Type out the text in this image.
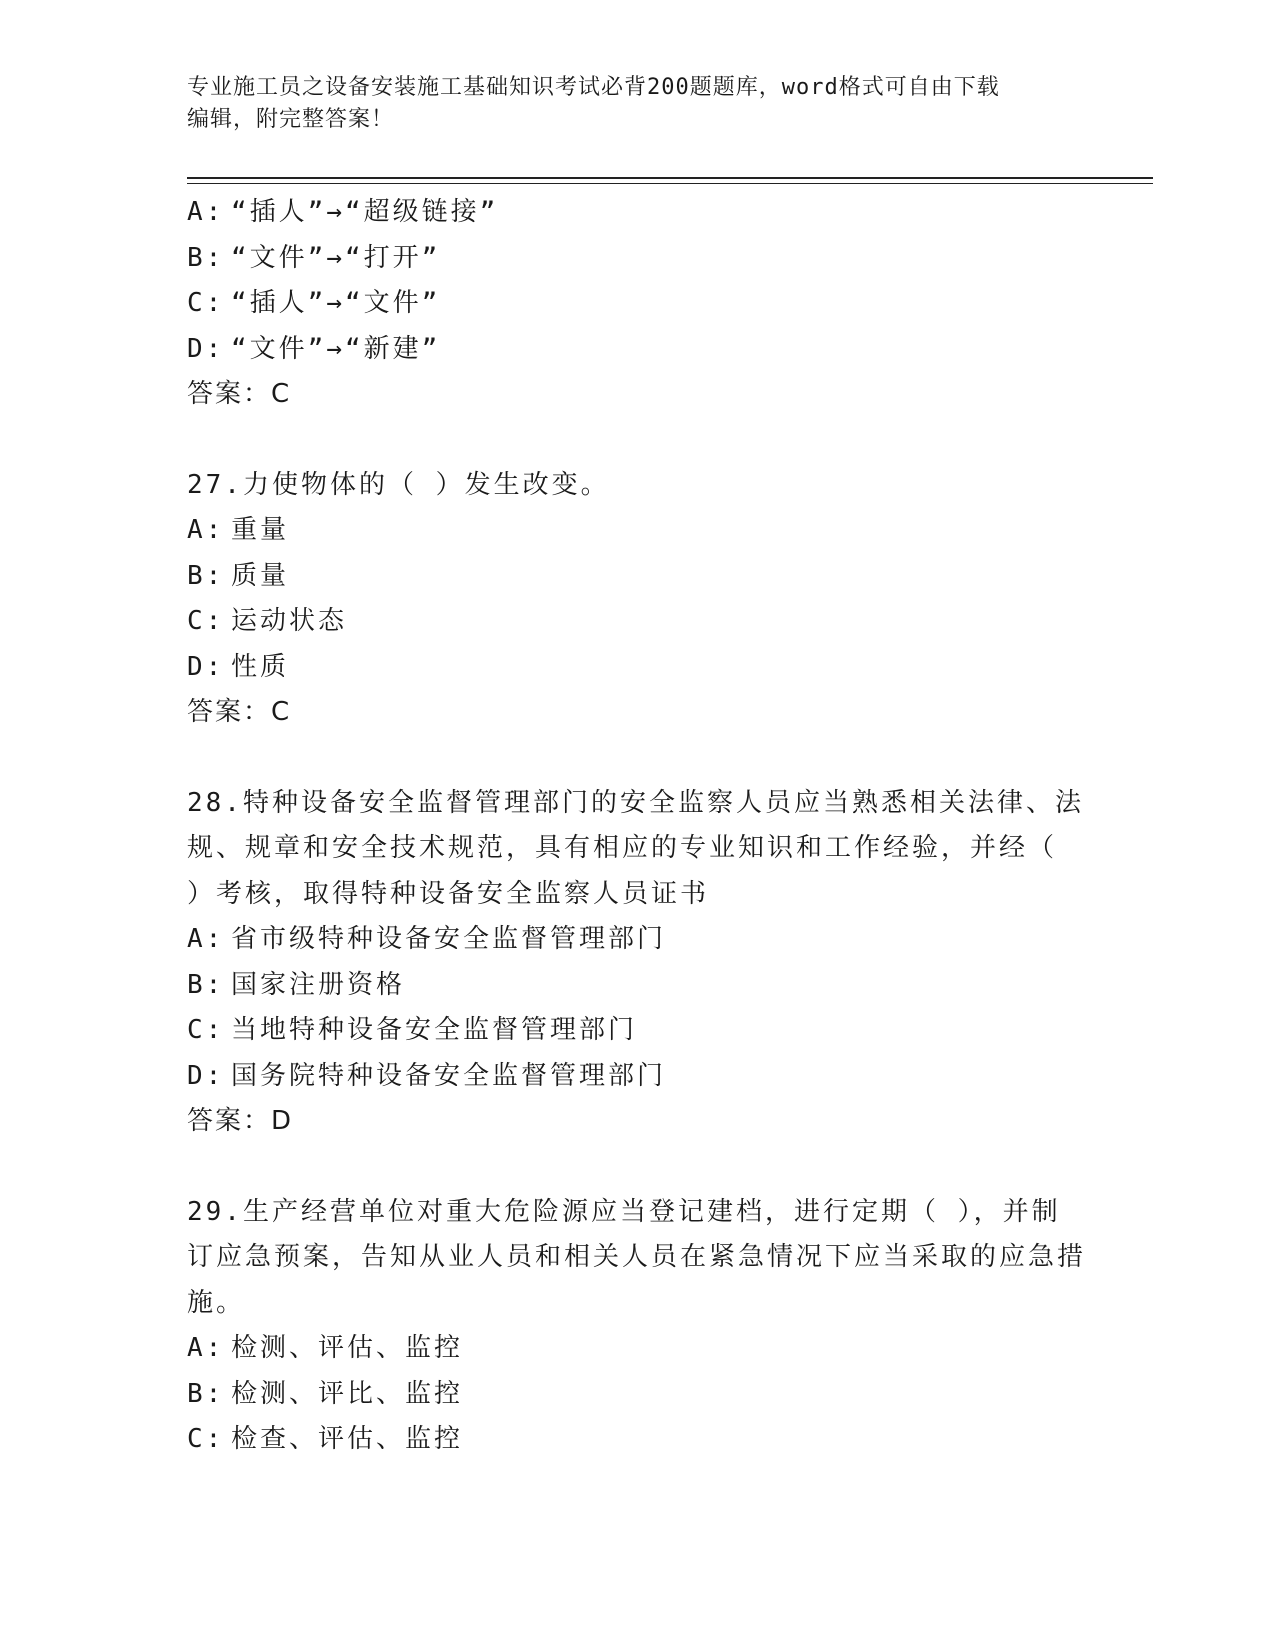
专业施工员之设备安装施工基础知识考试必背200题题库，word格式可自由下载
编辑，附完整答案！
A: “插人”→“超级链接”
B: “文件”→“打开”
C: “插人”→“文件”
D: “文件”→“新建”
答案：C
27.力使物体的（ ）发生改变。
A: 重量
B: 质量
C: 运动状态
D: 性质
答案：C
28.特种设备安全监督管理部门的安全监察人员应当熟悉相关法律、法规、规章和安全技术规范，具有相应的专业知识和工作经验，并经（ ）考核，取得特种设备安全监察人员证书
A: 省市级特种设备安全监督管理部门
B: 国家注册资格
C: 当地特种设备安全监督管理部门
D: 国务院特种设备安全监督管理部门
答案：D
29.生产经营单位对重大危险源应当登记建档，进行定期（ ），并制订应急预案，告知从业人员和相关人员在紧急情况下应当采取的应急措施。
A: 检测、评估、监控
B: 检测、评比、监控
C: 检查、评估、监控
